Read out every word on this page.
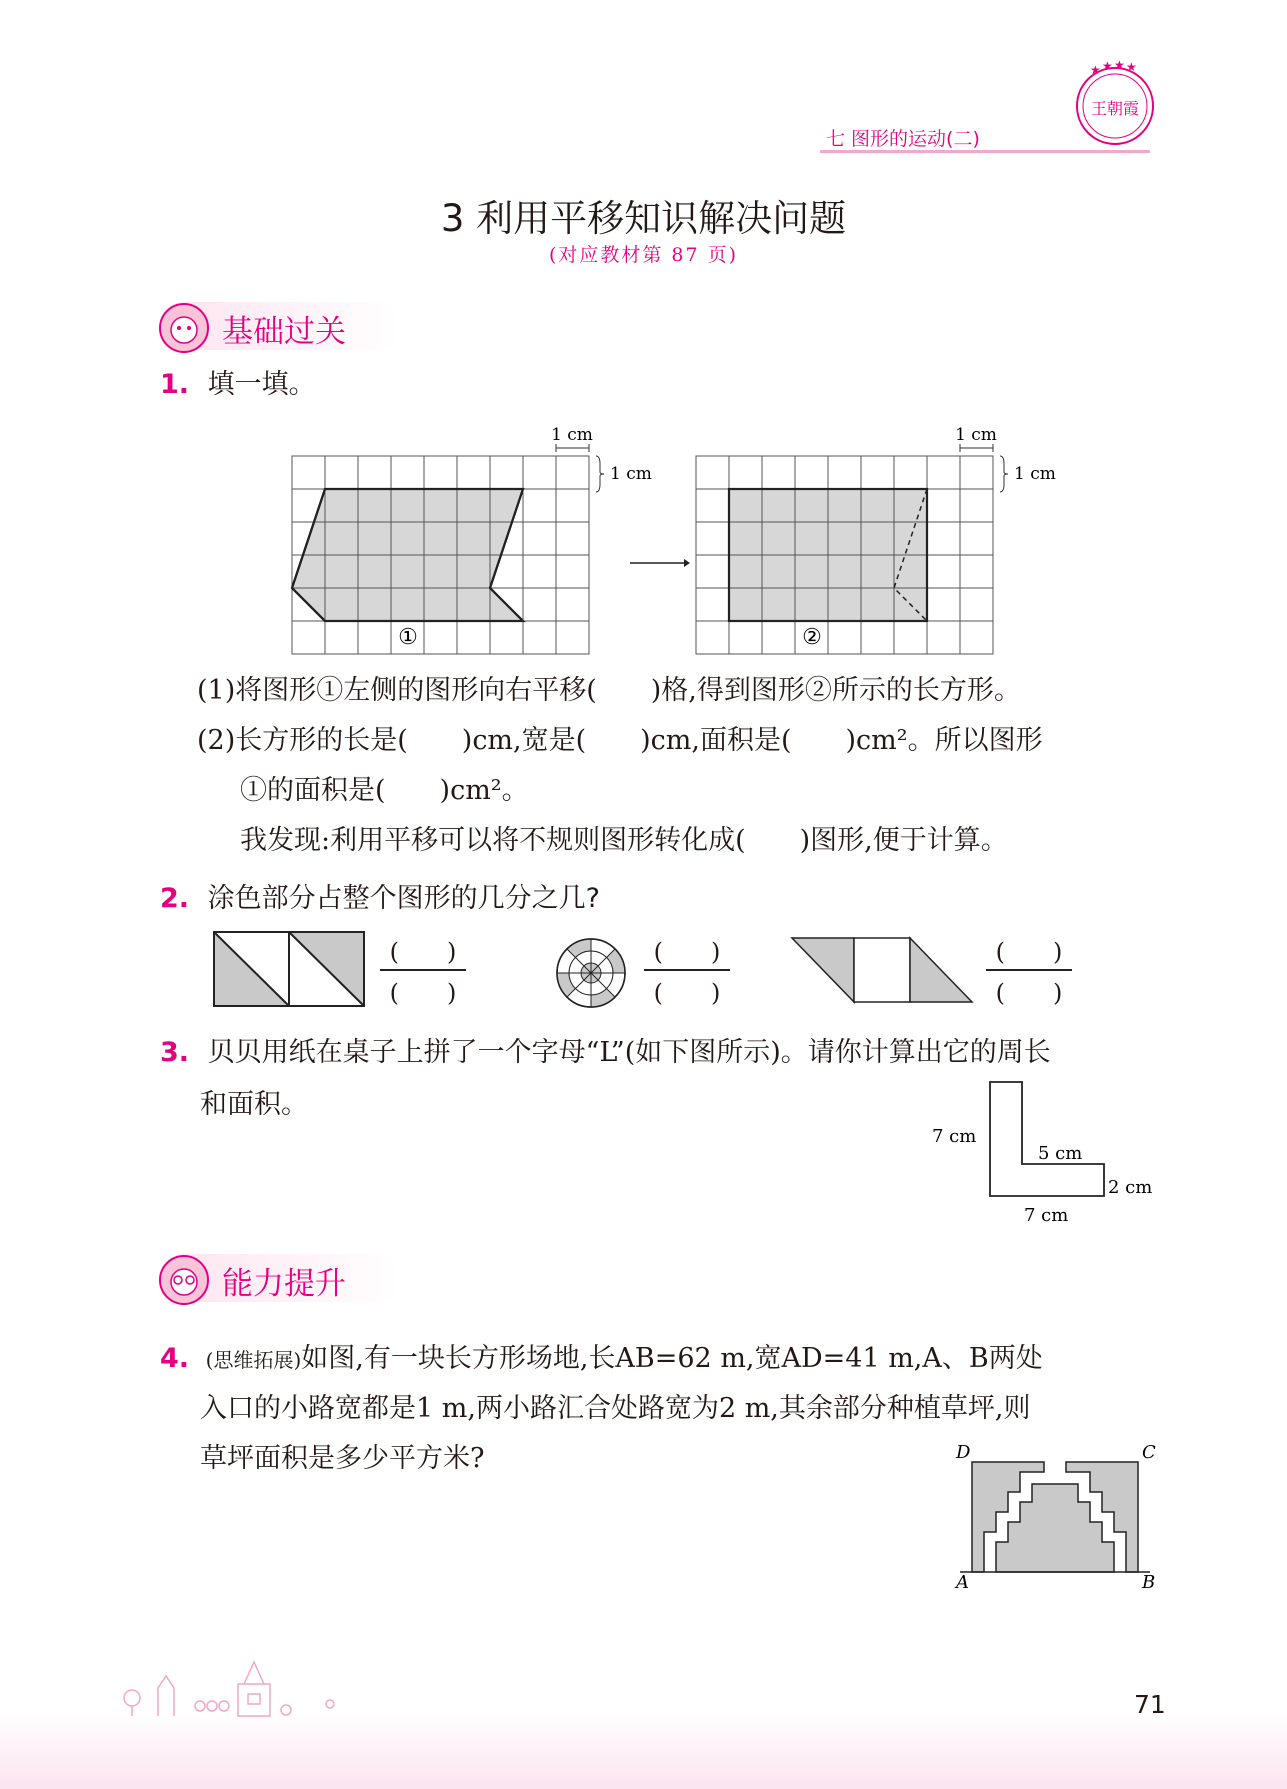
七 图形的运动(二)
★ ★ ★ ★
王朝霞
3 利用平移知识解决问题
(对应教材第 87 页)
基础过关
1. 填一填。
1 cm
1 cm
①
1 cm
1 cm
②
(1)将图形①左侧的图形向右平移(　　)格,得到图形②所示的长方形。
(2)长方形的长是(　　)cm,宽是(　　)cm,面积是(　　)cm²。所以图形
①的面积是(　　)cm²。
我发现:利用平移可以将不规则图形转化成(　　)图形,便于计算。
2. 涂色部分占整个图形的几分之几?
(　　)
(　　)
(　　)
(　　)
(　　)
(　　)
3. 贝贝用纸在桌子上拼了一个字母“L”(如下图所示)。请你计算出它的周长
和面积。
7 cm
5 cm
2 cm
7 cm
能力提升
4. (思维拓展)如图,有一块长方形场地,长AB=62 m,宽AD=41 m,A、B两处
入口的小路宽都是1 m,两小路汇合处路宽为2 m,其余部分种植草坪,则
草坪面积是多少平方米?	D	C
A	B
71
